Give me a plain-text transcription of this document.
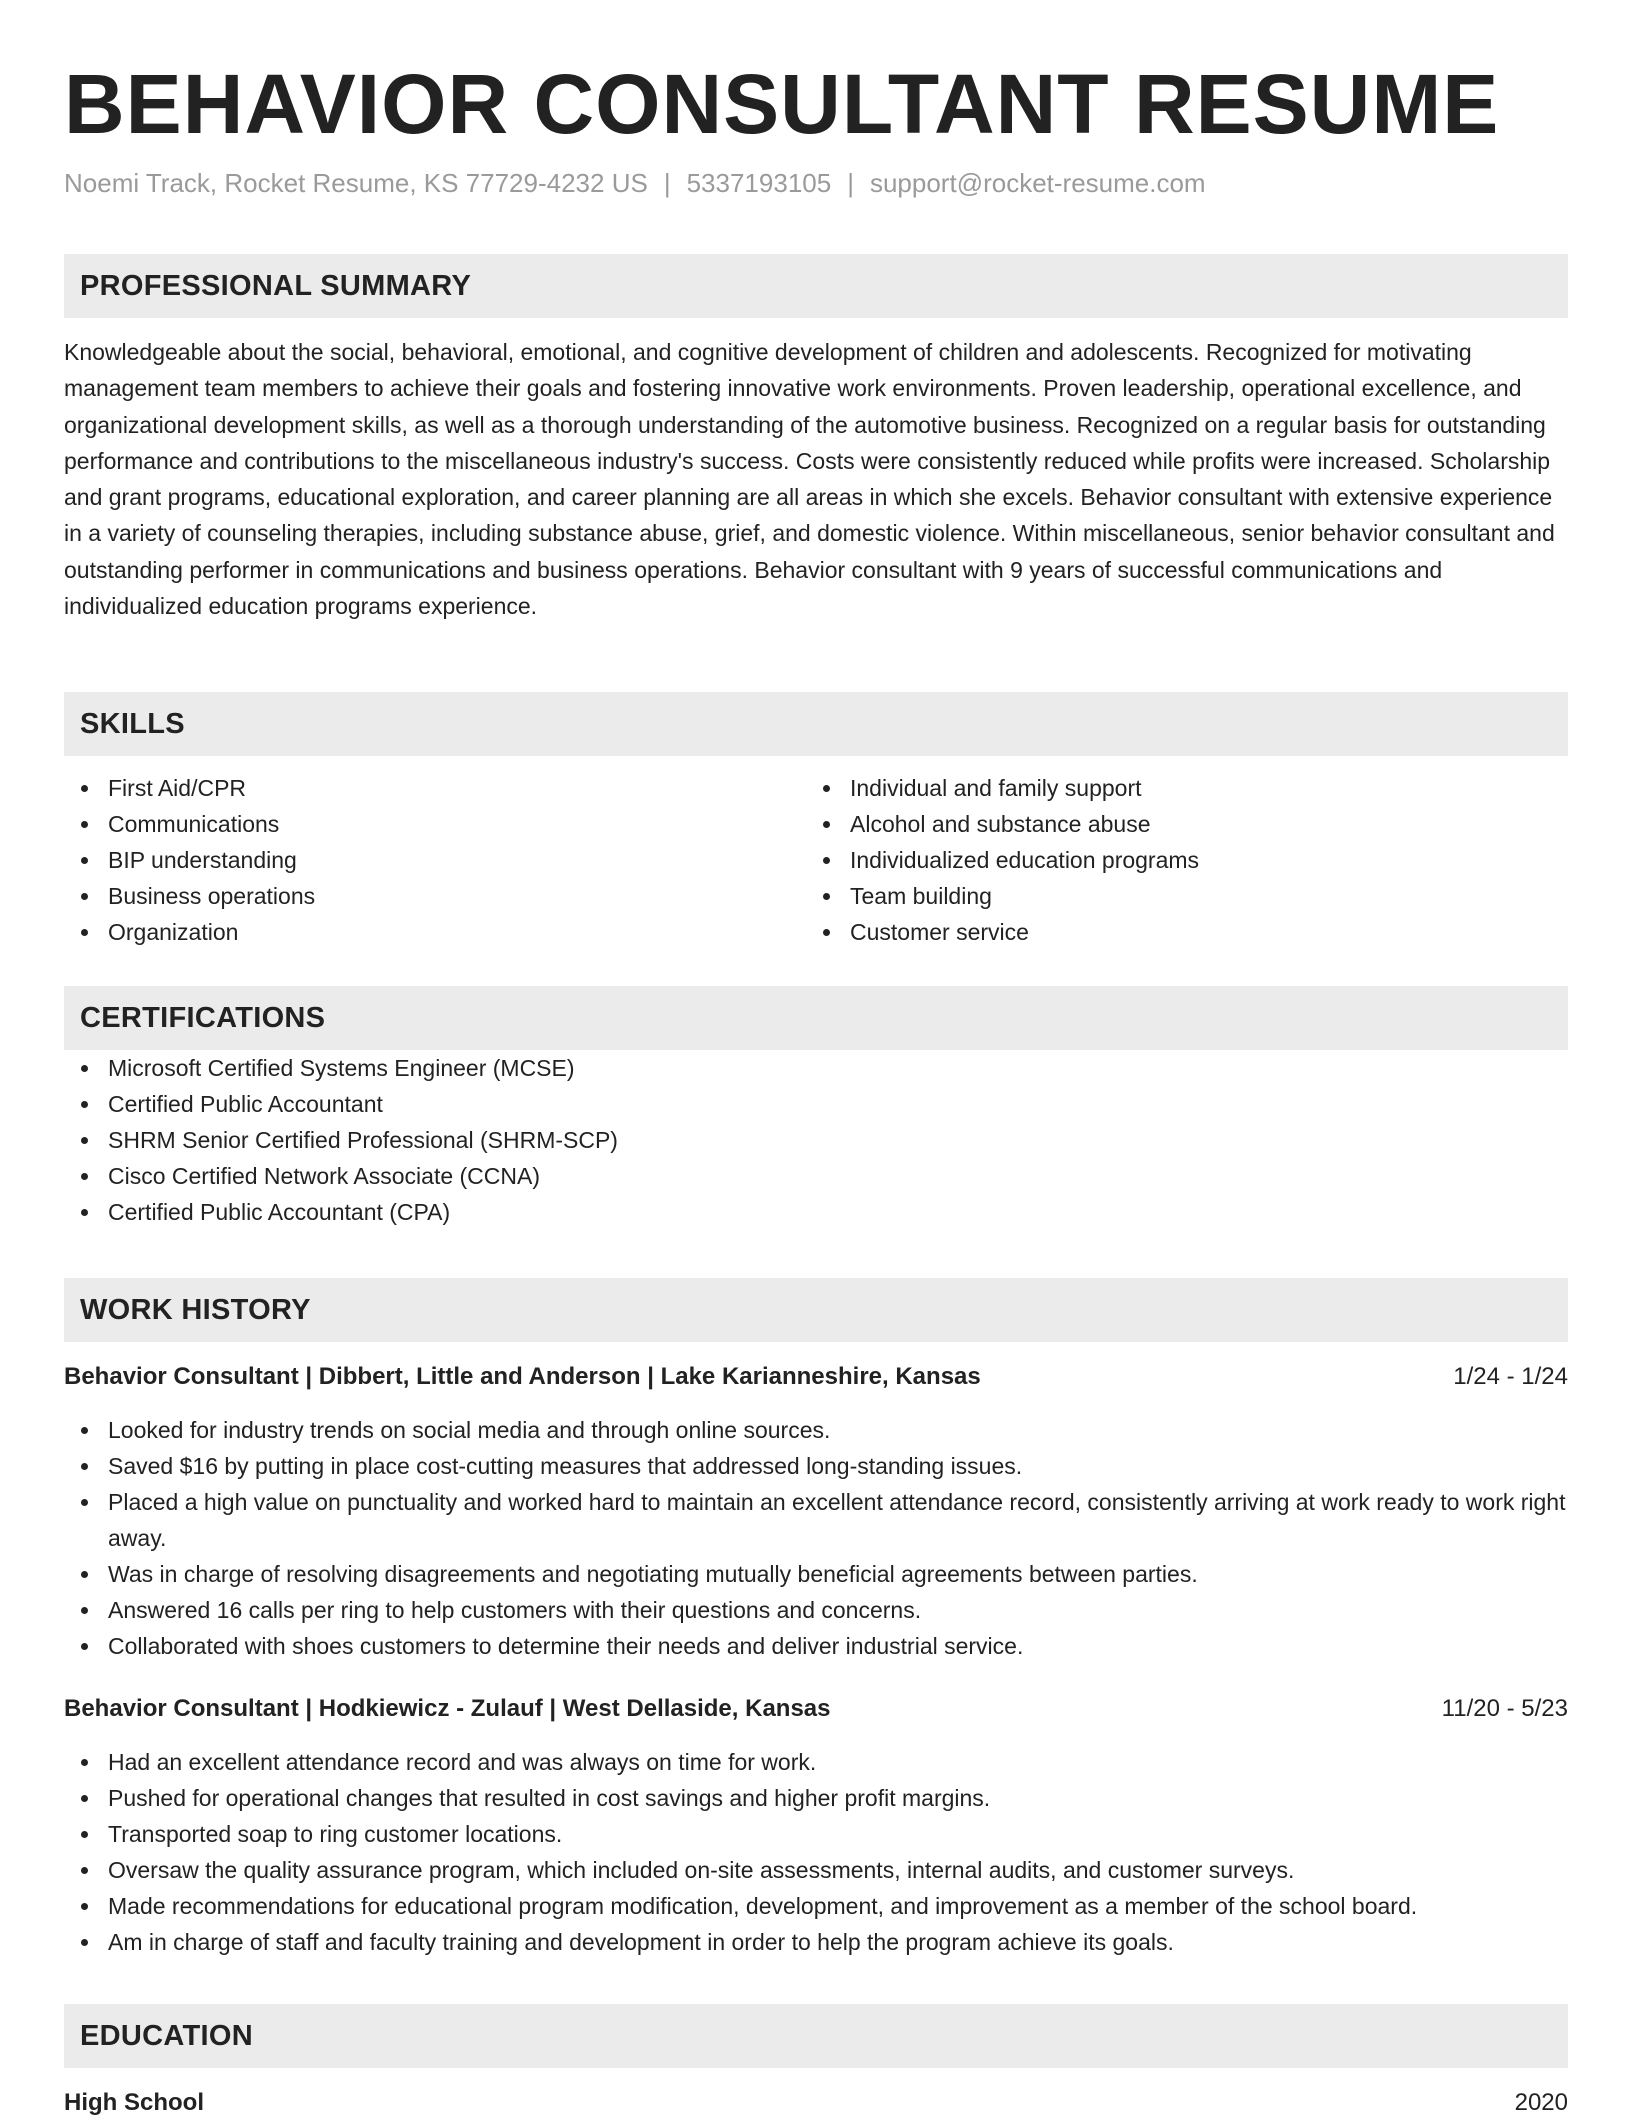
BEHAVIOR CONSULTANT RESUME
Noemi Track, Rocket Resume, KS 77729-4232 US | 5337193105 | support@rocket-resume.com
PROFESSIONAL SUMMARY

Knowledgeable about the social, behavioral, emotional, and cognitive development of children and adolescents. Recognized for motivating management team members to achieve their goals and fostering innovative work environments. Proven leadership, operational excellence, and organizational development skills, as well as a thorough understanding of the automotive business. Recognized on a regular basis for outstanding performance and contributions to the miscellaneous industry's success. Costs were consistently reduced while profits were increased. Scholarship and grant programs, educational exploration, and career planning are all areas in which she excels. Behavior consultant with extensive experience in a variety of counseling therapies, including substance abuse, grief, and domestic violence. Within miscellaneous, senior behavior consultant and outstanding performer in communications and business operations. Behavior consultant with 9 years of successful communications and individualized education programs experience.

SKILLS
First Aid/CPR
Communications
BIP understanding
Business operations
Organization
Individual and family support
Alcohol and substance abuse
Individualized education programs
Team building
Customer service
CERTIFICATIONS
Microsoft Certified Systems Engineer (MCSE)
Certified Public Accountant
SHRM Senior Certified Professional (SHRM-SCP)
Cisco Certified Network Associate (CCNA)
Certified Public Accountant (CPA)
WORK HISTORY
Behavior Consultant | Dibbert, Little and Anderson | Lake Karianneshire, Kansas	1/24 - 1/24
Looked for industry trends on social media and through online sources.
Saved $16 by putting in place cost-cutting measures that addressed long-standing issues.
Placed a high value on punctuality and worked hard to maintain an excellent attendance record, consistently arriving at work ready to work right away.
Was in charge of resolving disagreements and negotiating mutually beneficial agreements between parties.
Answered 16 calls per ring to help customers with their questions and concerns.
Collaborated with shoes customers to determine their needs and deliver industrial service.
Behavior Consultant | Hodkiewicz - Zulauf | West Dellaside, Kansas	11/20 - 5/23
Had an excellent attendance record and was always on time for work.
Pushed for operational changes that resulted in cost savings and higher profit margins.
Transported soap to ring customer locations.
Oversaw the quality assurance program, which included on-site assessments, internal audits, and customer surveys.
Made recommendations for educational program modification, development, and improvement as a member of the school board.
Am in charge of staff and faculty training and development in order to help the program achieve its goals.
EDUCATION
High School	2020
